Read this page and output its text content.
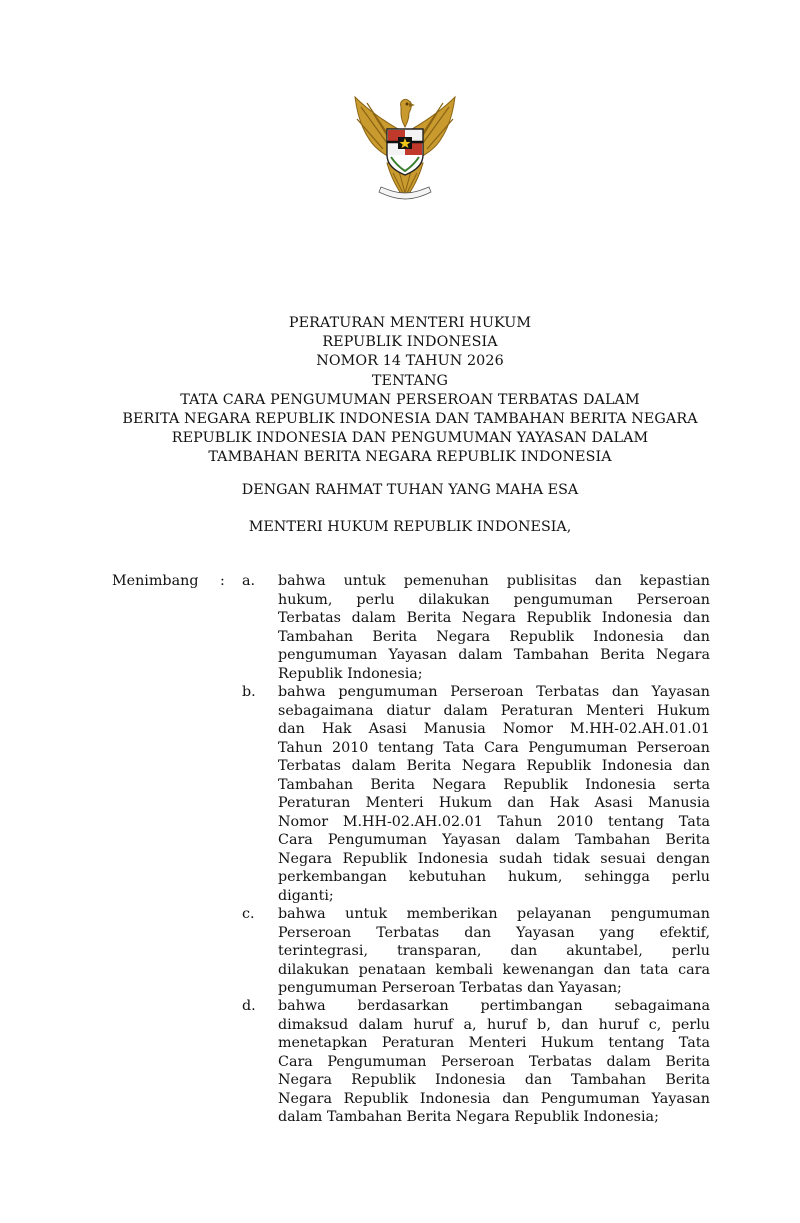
PERATURAN MENTERI HUKUM
REPUBLIK INDONESIA
NOMOR 14 TAHUN 2026
TENTANG
TATA CARA PENGUMUMAN PERSEROAN TERBATAS DALAM
BERITA NEGARA REPUBLIK INDONESIA DAN TAMBAHAN BERITA NEGARA
REPUBLIK INDONESIA DAN PENGUMUMAN YAYASAN DALAM
TAMBAHAN BERITA NEGARA REPUBLIK INDONESIA
DENGAN RAHMAT TUHAN YANG MAHA ESA
MENTERI HUKUM REPUBLIK INDONESIA,
Menimbang : a.	bahwa untuk pemenuhan publisitas dan kepastian
hukum, perlu dilakukan pengumuman Perseroan
Terbatas dalam Berita Negara Republik Indonesia dan
Tambahan Berita Negara Republik Indonesia dan
pengumuman Yayasan dalam Tambahan Berita Negara
Republik Indonesia;
b.	bahwa pengumuman Perseroan Terbatas dan Yayasan
sebagaimana diatur dalam Peraturan Menteri Hukum
dan Hak Asasi Manusia Nomor M.HH-02.AH.01.01
Tahun 2010 tentang Tata Cara Pengumuman Perseroan
Terbatas dalam Berita Negara Republik Indonesia dan
Tambahan Berita Negara Republik Indonesia serta
Peraturan Menteri Hukum dan Hak Asasi Manusia
Nomor M.HH-02.AH.02.01 Tahun 2010 tentang Tata
Cara Pengumuman Yayasan dalam Tambahan Berita
Negara Republik Indonesia sudah tidak sesuai dengan
perkembangan kebutuhan hukum, sehingga perlu
diganti;
c.	bahwa untuk memberikan pelayanan pengumuman
Perseroan Terbatas dan Yayasan yang efektif,
terintegrasi, transparan, dan akuntabel, perlu
dilakukan penataan kembali kewenangan dan tata cara
pengumuman Perseroan Terbatas dan Yayasan;
d.	bahwa berdasarkan pertimbangan sebagaimana
dimaksud dalam huruf a, huruf b, dan huruf c, perlu
menetapkan Peraturan Menteri Hukum tentang Tata
Cara Pengumuman Perseroan Terbatas dalam Berita
Negara Republik Indonesia dan Tambahan Berita
Negara Republik Indonesia dan Pengumuman Yayasan
dalam Tambahan Berita Negara Republik Indonesia;
